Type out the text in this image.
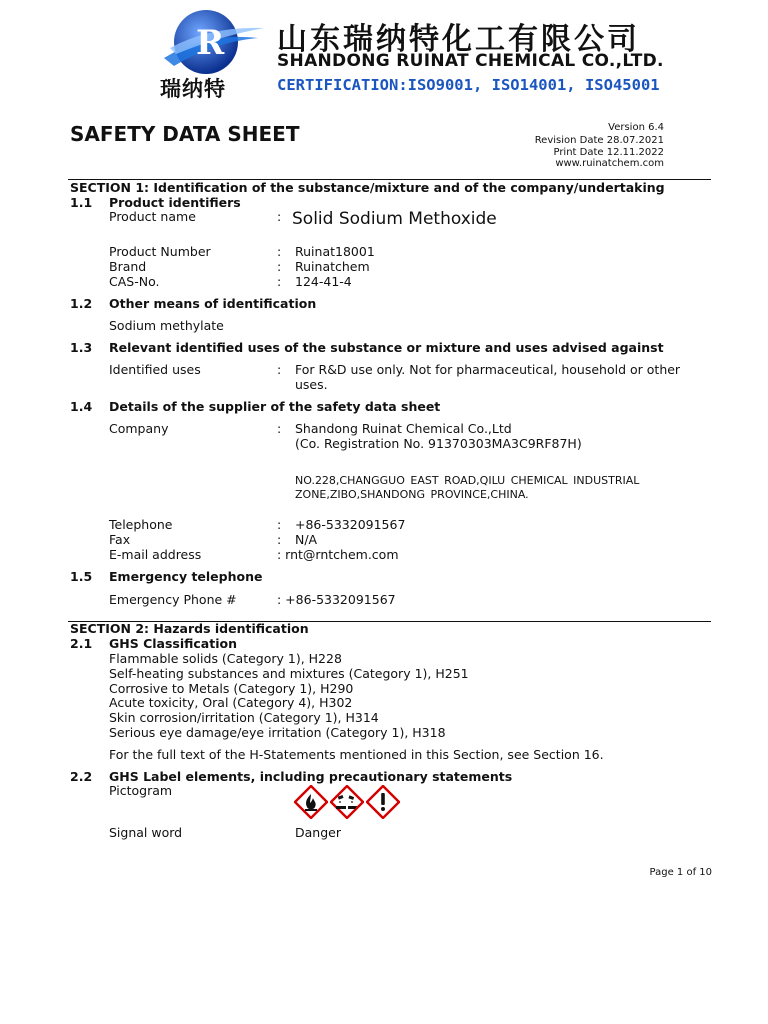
R
瑞纳特
山东瑞纳特化工有限公司
SHANDONG RUINAT CHEMICAL CO.,LTD.
CERTIFICATION:ISO9001, ISO14001, ISO45001
SAFETY DATA SHEET	Version 6.4
Revision Date 28.07.2021
Print Date 12.11.2022
www.ruinatchem.com
SECTION 1: Identification of the substance/mixture and of the company/undertaking
1.1 Product identifiers
Product name	: Solid Sodium Methoxide
Product Number	: Ruinat18001
Brand	: Ruinatchem
CAS-No.	: 124-41-4
1.2 Other means of identification
Sodium methylate
1.3 Relevant identified uses of the substance or mixture and uses advised against
Identified uses	: For R&D use only. Not for pharmaceutical, household or other
uses.
1.4 Details of the supplier of the safety data sheet
Company	: Shandong Ruinat Chemical Co.,Ltd
(Co. Registration No. 91370303MA3C9RF87H)
NO.228,CHANGGUO EAST ROAD,QILU CHEMICAL INDUSTRIAL
ZONE,ZIBO,SHANDONG PROVINCE,CHINA.
Telephone	: +86-5332091567
Fax	: N/A
E-mail address	: rnt@rntchem.com
1.5 Emergency telephone
Emergency Phone #	: +86-5332091567
SECTION 2: Hazards identification
2.1 GHS Classification
Flammable solids (Category 1), H228
Self-heating substances and mixtures (Category 1), H251
Corrosive to Metals (Category 1), H290
Acute toxicity, Oral (Category 4), H302
Skin corrosion/irritation (Category 1), H314
Serious eye damage/eye irritation (Category 1), H318
For the full text of the H-Statements mentioned in this Section, see Section 16.
2.2 GHS Label elements, including precautionary statements
Pictogram
Signal word	Danger
Page 1 of 10
